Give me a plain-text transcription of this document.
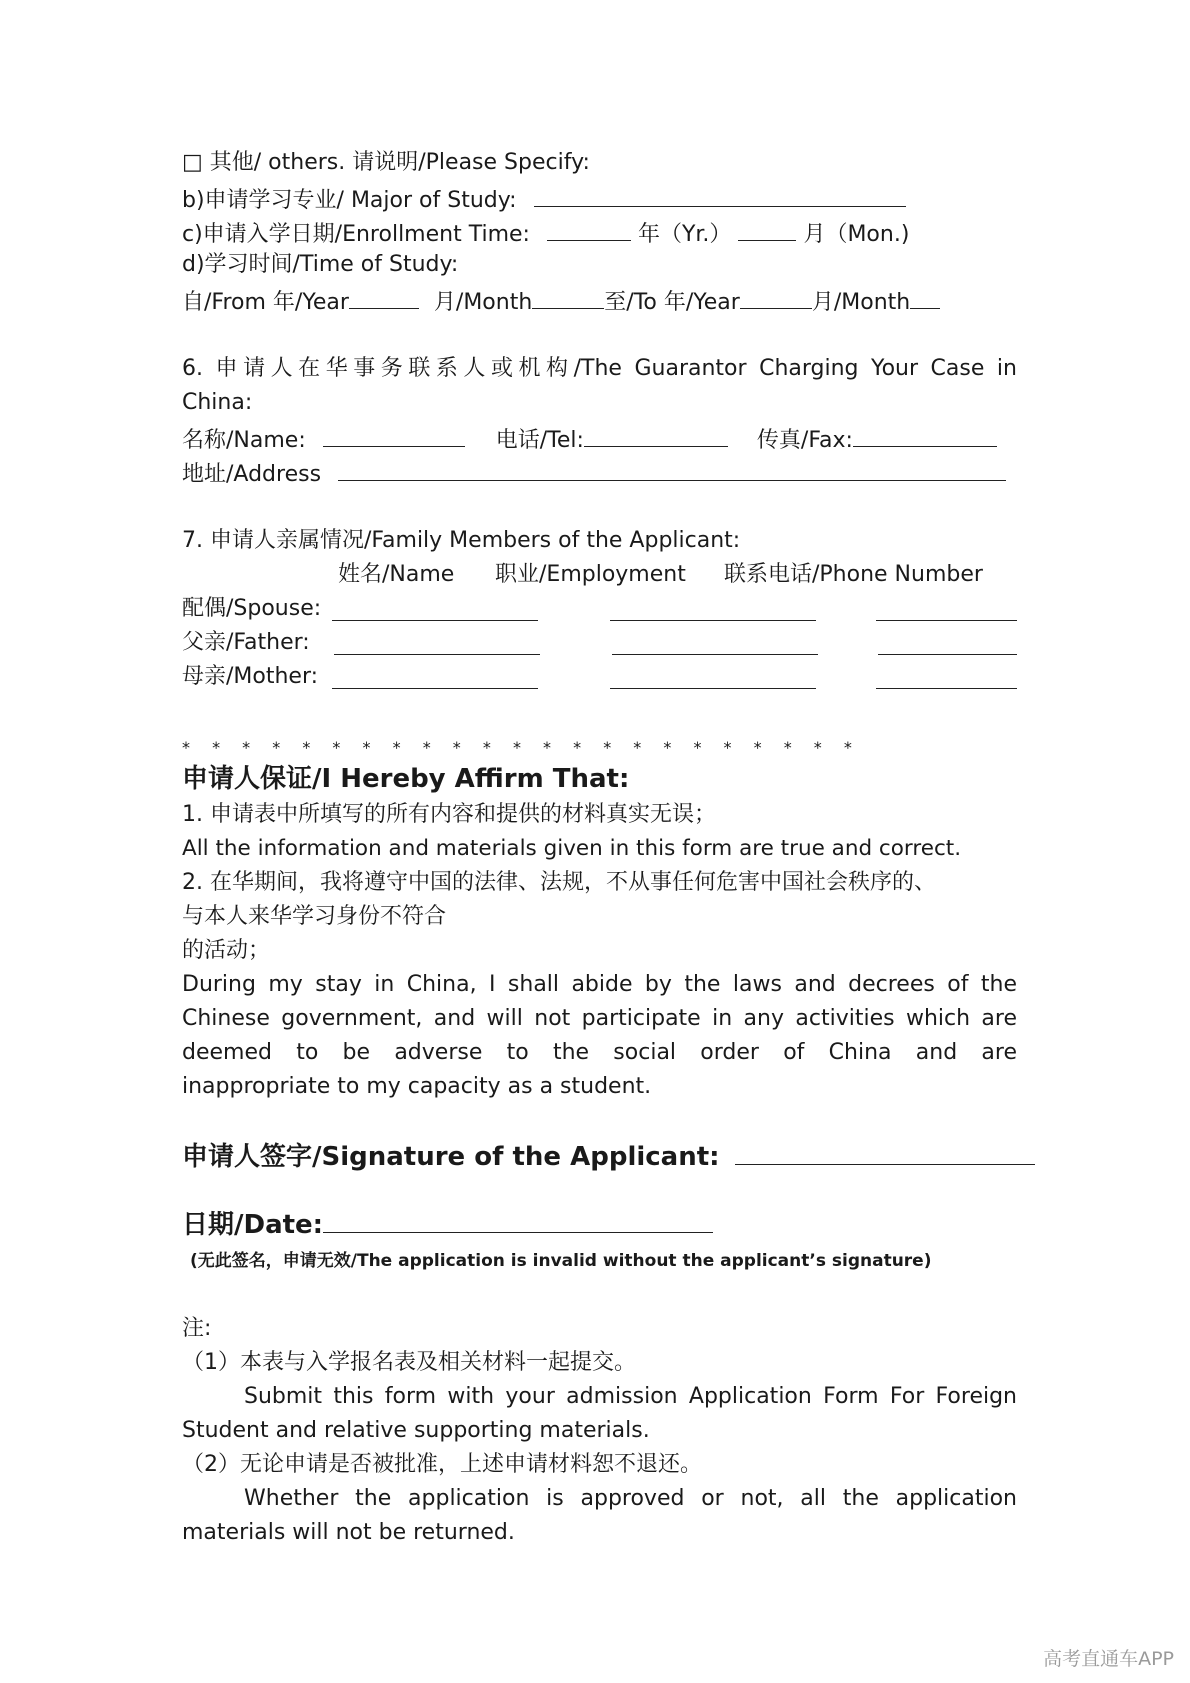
□ 其他/ others. 请说明/Please Specify:
b)申请学习专业/ Major of Study:
c)申请入学日期/Enrollment Time:	年（Yr.）	月（Mon.)
d)学习时间/Time of Study:
自/From 年/Year	月/Month	至/To 年/Year	月/Month
6. 申请人在华事务联系人或机构/The Guarantor Charging Your Case in
China:
名称/Name:	电话/Tel:	传真/Fax:
地址/Address
7. 申请人亲属情况/Family Members of the Applicant:
姓名/Name 职业/Employment 联系电话/Phone Number
配偶/Spouse:
父亲/Father:
母亲/Mother:
* * * * * * * * * * * * * * * * * * * * * * *
申请人保证/I Hereby Affirm That:
1. 申请表中所填写的所有内容和提供的材料真实无误；
All the information and materials given in this form are true and correct.
2. 在华期间，我将遵守中国的法律、法规，不从事任何危害中国社会秩序的、
与本人来华学习身份不符合
的活动；
During my stay in China, I shall abide by the laws and decrees of the
Chinese government, and will not participate in any activities which are
deemed to be adverse to the social order of China and are
inappropriate to my capacity as a student.
申请人签字/Signature of the Applicant:
日期/Date:
(无此签名，申请无效/The application is invalid without the applicant’s signature)
注:
（1）本表与入学报名表及相关材料一起提交。
Submit this form with your admission Application Form For Foreign
Student and relative supporting materials.
（2）无论申请是否被批准，上述申请材料恕不退还。
Whether the application is approved or not, all the application
materials will not be returned.
高考直通车APP
